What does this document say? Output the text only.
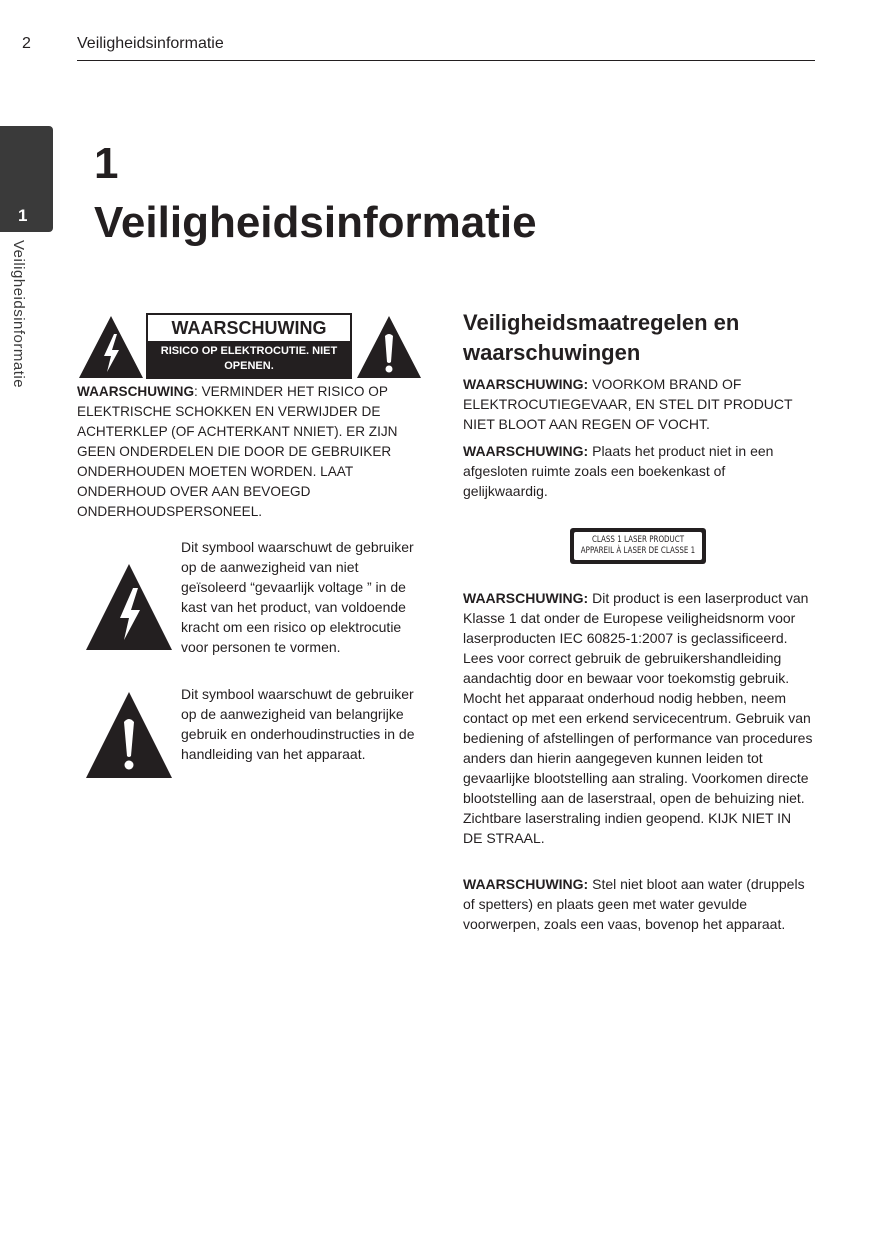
2	Veiligheidsinformatie
1
Veiligheidsinformatie
1
Veiligheidsinformatie
WAARSCHUWING
RISICO OP ELEKTROCUTIE. NIET OPENEN.
WAARSCHUWING: VERMINDER HET RISICO OP ELEKTRISCHE SCHOKKEN EN VERWIJDER DE ACHTERKLEP (OF ACHTERKANT NNIET). ER ZIJN GEEN ONDERDELEN DIE DOOR DE GEBRUIKER ONDERHOUDEN MOETEN WORDEN. LAAT ONDERHOUD OVER AAN BEVOEGD ONDERHOUDSPERSONEEL.
Dit symbool waarschuwt de gebruiker op de aanwezigheid van niet geïsoleerd “gevaarlijk voltage ” in de kast van het product, van voldoende kracht om een risico op elektrocutie voor personen te vormen.
Dit symbool waarschuwt de gebruiker op de aanwezigheid van belangrijke gebruik en onderhoudinstructies in de handleiding van het apparaat.
Veiligheidsmaatregelen en waarschuwingen
WAARSCHUWING: VOORKOM BRAND OF ELEKTROCUTIEGEVAAR, EN STEL DIT PRODUCT NIET BLOOT AAN REGEN OF VOCHT.
WAARSCHUWING: Plaats het product niet in een afgesloten ruimte zoals een boekenkast of gelijkwaardig.
CLASS 1 LASER PRODUCT
APPAREIL À LASER DE CLASSE 1
WAARSCHUWING: Dit product is een laserproduct van Klasse 1 dat onder de Europese veiligheidsnorm voor laserproducten IEC 60825-1:2007 is geclassificeerd. Lees voor correct gebruik de gebruikershandleiding aandachtig door en bewaar voor toekomstig gebruik. Mocht het apparaat onderhoud nodig hebben, neem contact op met een erkend servicecentrum. Gebruik van bediening of afstellingen of performance van procedures anders dan hierin aangegeven kunnen leiden tot gevaarlijke blootstelling aan straling. Voorkomen directe blootstelling aan de laserstraal, open de behuizing niet. Zichtbare laserstraling indien geopend. KIJK NIET IN DE STRAAL.
WAARSCHUWING: Stel niet bloot aan water (druppels of spetters) en plaats geen met water gevulde voorwerpen, zoals een vaas, bovenop het apparaat.
